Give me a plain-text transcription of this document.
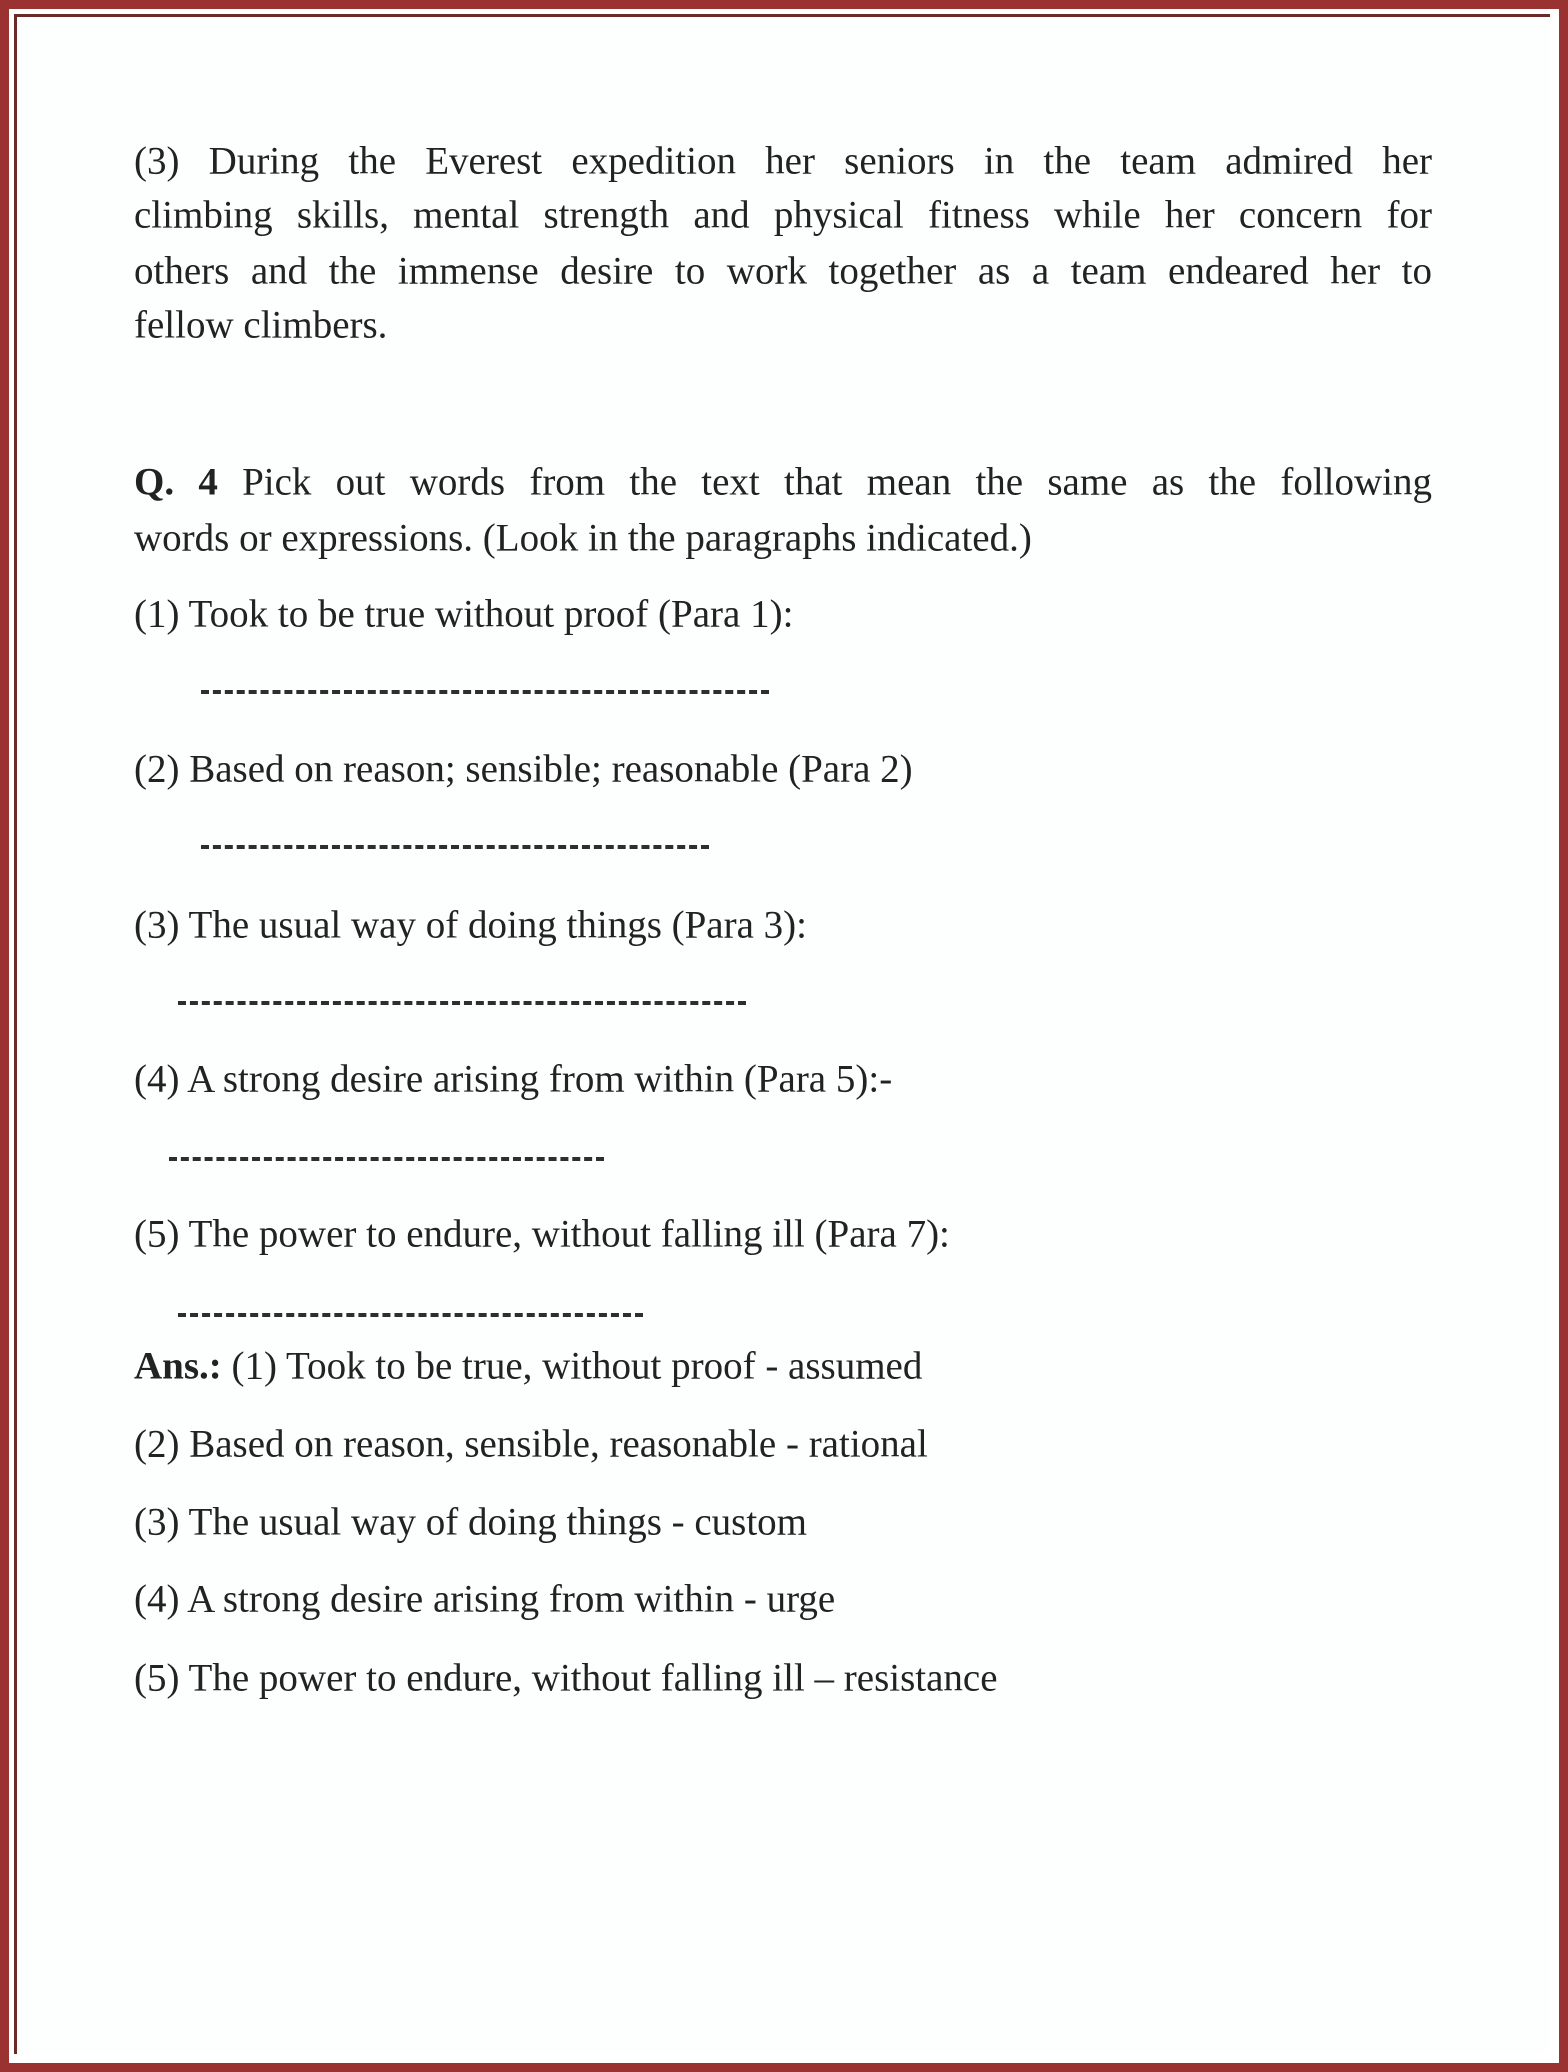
(3) During the Everest expedition her seniors in the team admired her
climbing skills, mental strength and physical fitness while her concern for
others and the immense desire to work together as a team endeared her to
fellow climbers.
Q. 4 Pick out words from the text that mean the same as the following
words or expressions. (Look in the paragraphs indicated.)
(1) Took to be true without proof (Para 1):
(2) Based on reason; sensible; reasonable (Para 2)
(3) The usual way of doing things (Para 3):
(4) A strong desire arising from within (Para 5):-
(5) The power to endure, without falling ill (Para 7):
Ans.: (1) Took to be true, without proof - assumed
(2) Based on reason, sensible, reasonable - rational
(3) The usual way of doing things - custom
(4) A strong desire arising from within - urge
(5) The power to endure, without falling ill – resistance
